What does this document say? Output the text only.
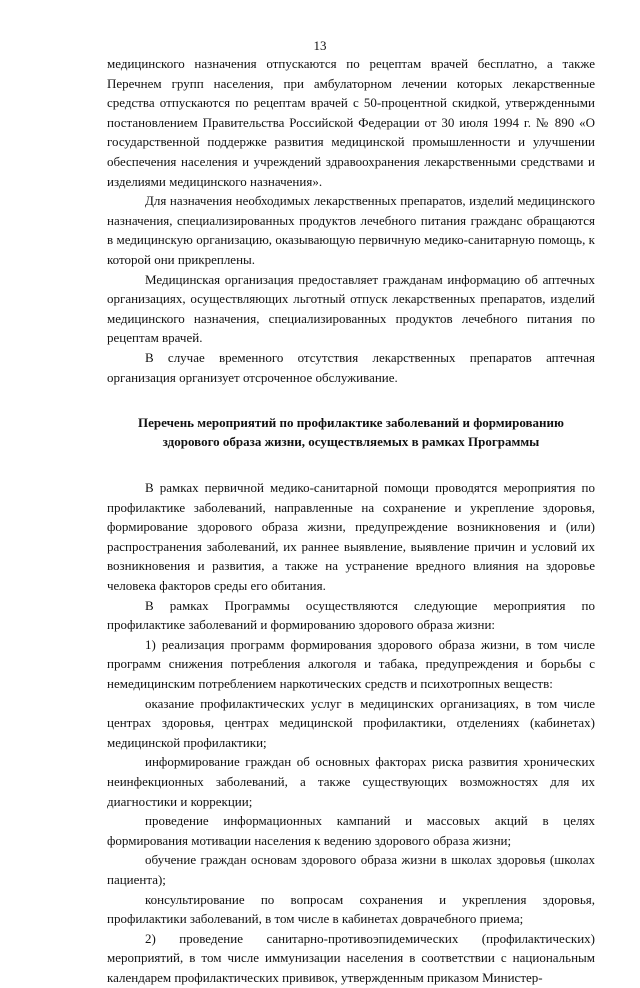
13

медицинского назначения отпускаются по рецептам врачей бесплатно, а также Перечнем групп населения, при амбулаторном лечении которых лекарственные средства отпускаются по рецептам врачей с 50-процентной скидкой, утвержденными постановлением Правительства Российской Федерации от 30 июля 1994 г. № 890 «О государственной поддержке развития медицинской промышленности и улучшении обеспечения населения и учреждений здравоохранения лекарственными средствами и изделиями медицинского назначения».

Для назначения необходимых лекарственных препаратов, изделий медицинского назначения, специализированных продуктов лечебного питания гражданс обращаются в медицинскую организацию, оказывающую первичную медико-санитарную помощь, к которой они прикреплены.

Медицинская организация предоставляет гражданам информацию об аптечных организациях, осуществляющих льготный отпуск лекарственных препаратов, изделий медицинского назначения, специализированных продуктов лечебного питания по рецептам врачей.

В случае временного отсутствия лекарственных препаратов аптечная организация организует отсроченное обслуживание.

Перечень мероприятий по профилактике заболеваний и формированию здорового образа жизни, осуществляемых в рамках Программы

В рамках первичной медико-санитарной помощи проводятся мероприятия по профилактике заболеваний, направленные на сохранение и укрепление здоровья, формирование здорового образа жизни, предупреждение возникновения и (или) распространения заболеваний, их раннее выявление, выявление причин и условий их возникновения и развития, а также на устранение вредного влияния на здоровье человека факторов среды его обитания.

В рамках Программы осуществляются следующие мероприятия по профилактике заболеваний и формированию здорового образа жизни:

1) реализация программ формирования здорового образа жизни, в том числе программ снижения потребления алкоголя и табака, предупреждения и борьбы с немедицинским потреблением наркотических средств и психотропных веществ:

оказание профилактических услуг в медицинских организациях, в том числе центрах здоровья, центрах медицинской профилактики, отделениях (кабинетах) медицинской профилактики;

информирование граждан об основных факторах риска развития хронических неинфекционных заболеваний, а также существующих возможностях для их диагностики и коррекции;

проведение информационных кампаний и массовых акций в целях формирования мотивации населения к ведению здорового образа жизни;

обучение граждан основам здорового образа жизни в школах здоровья (школах пациента);

консультирование по вопросам сохранения и укрепления здоровья, профилактики заболеваний, в том числе в кабинетах доврачебного приема;

2) проведение санитарно-противоэпидемических (профилактических) мероприятий, в том числе иммунизации населения в соответствии с национальным календарем профилактических прививок, утвержденным приказом Министер-
